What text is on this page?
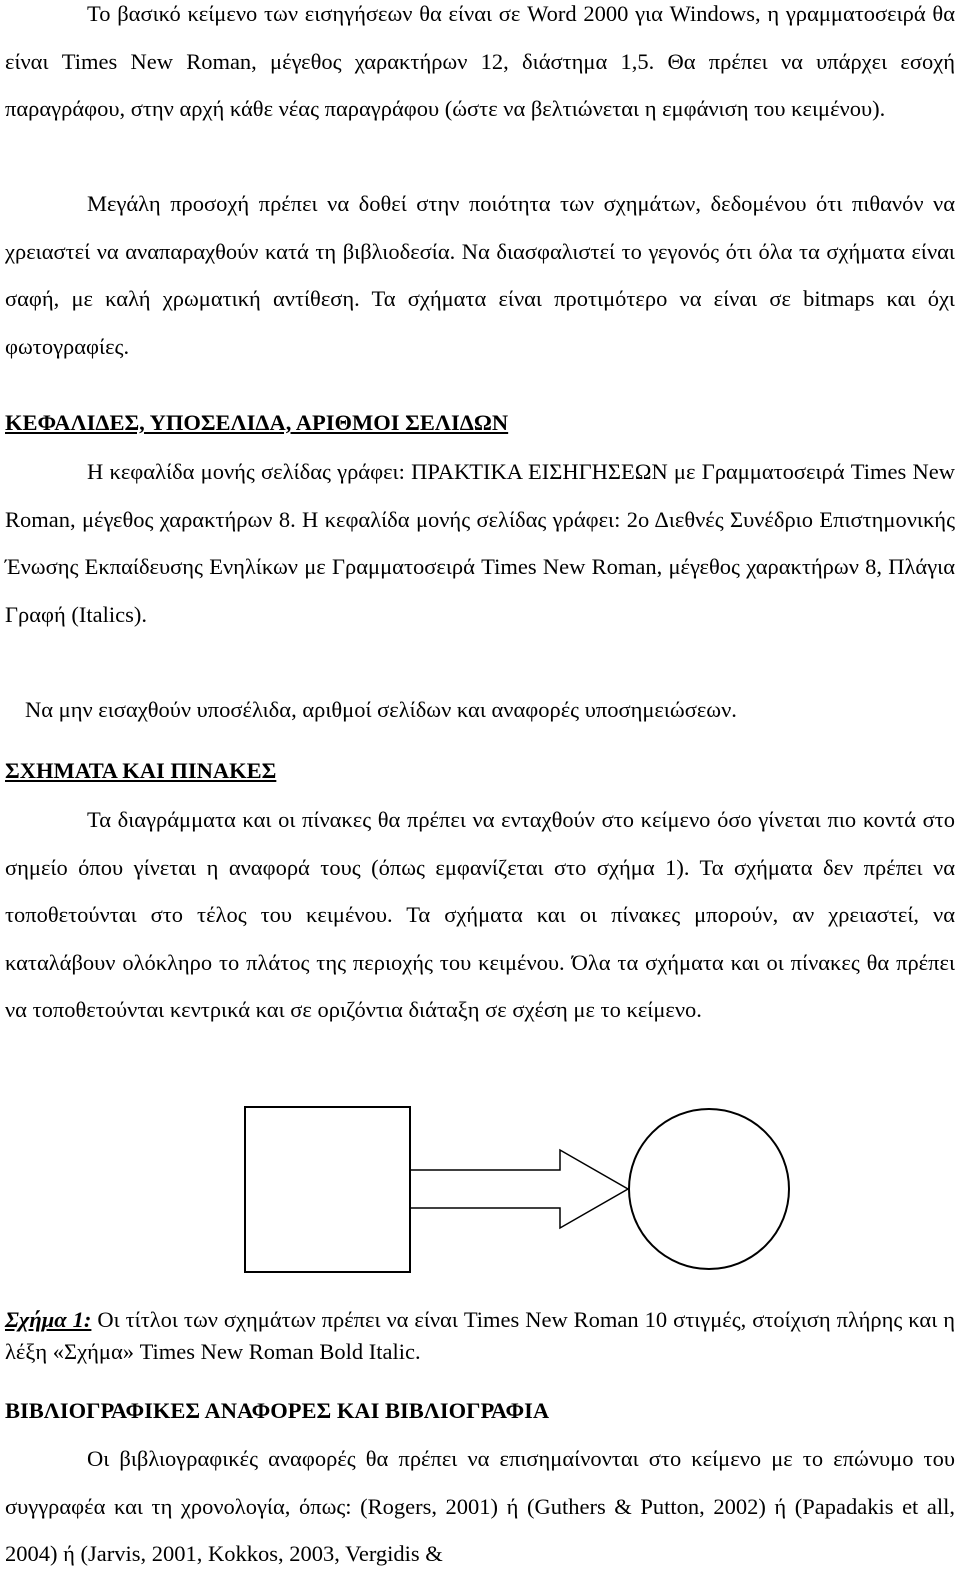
Το βασικό κείμενο των εισηγήσεων θα είναι σε Word 2000 για Windows, η γραμματοσειρά θα είναι Times New Roman, μέγεθος χαρακτήρων 12, διάστημα 1,5. Θα πρέπει να υπάρχει εσοχή παραγράφου, στην αρχή κάθε νέας παραγράφου (ώστε να βελτιώνεται η εμφάνιση του κειμένου).

Μεγάλη προσοχή πρέπει να δοθεί στην ποιότητα των σχημάτων, δεδομένου ότι πιθανόν να χρειαστεί να αναπαραχθούν κατά τη βιβλιοδεσία. Να διασφαλιστεί το γεγονός ότι όλα τα σχήματα είναι σαφή, με καλή χρωματική αντίθεση. Τα σχήματα είναι προτιμότερο να είναι σε bitmaps και όχι φωτογραφίες.

ΚΕΦΑΛΙΔΕΣ, ΥΠΟΣΕΛΙΔΑ, ΑΡΙΘΜΟΙ ΣΕΛΙΔΩΝ

Η κεφαλίδα μονής σελίδας γράφει: ΠΡΑΚΤΙΚΑ ΕΙΣΗΓΗΣΕΩΝ με Γραμματοσειρά Times New Roman, μέγεθος χαρακτήρων 8. Η κεφαλίδα μονής σελίδας γράφει: 2ο Διεθνές Συνέδριο Επιστημονικής Ένωσης Εκπαίδευσης Ενηλίκων με Γραμματοσειρά Times New Roman, μέγεθος χαρακτήρων 8, Πλάγια Γραφή (Italics).

Να μην εισαχθούν υποσέλιδα, αριθμοί σελίδων και αναφορές υποσημειώσεων.

ΣΧΗΜΑΤΑ ΚΑΙ ΠΙΝΑΚΕΣ

Τα διαγράμματα και οι πίνακες θα πρέπει να ενταχθούν στο κείμενο όσο γίνεται πιο κοντά στο σημείο όπου γίνεται η αναφορά τους (όπως εμφανίζεται στο σχήμα 1). Τα σχήματα δεν πρέπει να τοποθετούνται στο τέλος του κειμένου. Τα σχήματα και οι πίνακες μπορούν, αν χρειαστεί, να καταλάβουν ολόκληρο το πλάτος της περιοχής του κειμένου. Όλα τα σχήματα και οι πίνακες θα πρέπει να τοποθετούνται κεντρικά και σε οριζόντια διάταξη σε σχέση με το κείμενο.

Σχήμα 1: Οι τίτλοι των σχημάτων πρέπει να είναι Times New Roman 10 στιγμές, στοίχιση πλήρης και η λέξη «Σχήμα» Times New Roman Bold Italic.

ΒΙΒΛΙΟΓΡΑΦΙΚΕΣ ΑΝΑΦΟΡΕΣ ΚΑΙ ΒΙΒΛΙΟΓΡΑΦΙΑ

Οι βιβλιογραφικές αναφορές θα πρέπει να επισημαίνονται στο κείμενο με το επώνυμο του συγγραφέα και τη χρονολογία, όπως: (Rogers, 2001) ή (Guthers & Putton, 2002) ή (Papadakis et all, 2004) ή (Jarvis, 2001, Kokkos, 2003, Vergidis &
